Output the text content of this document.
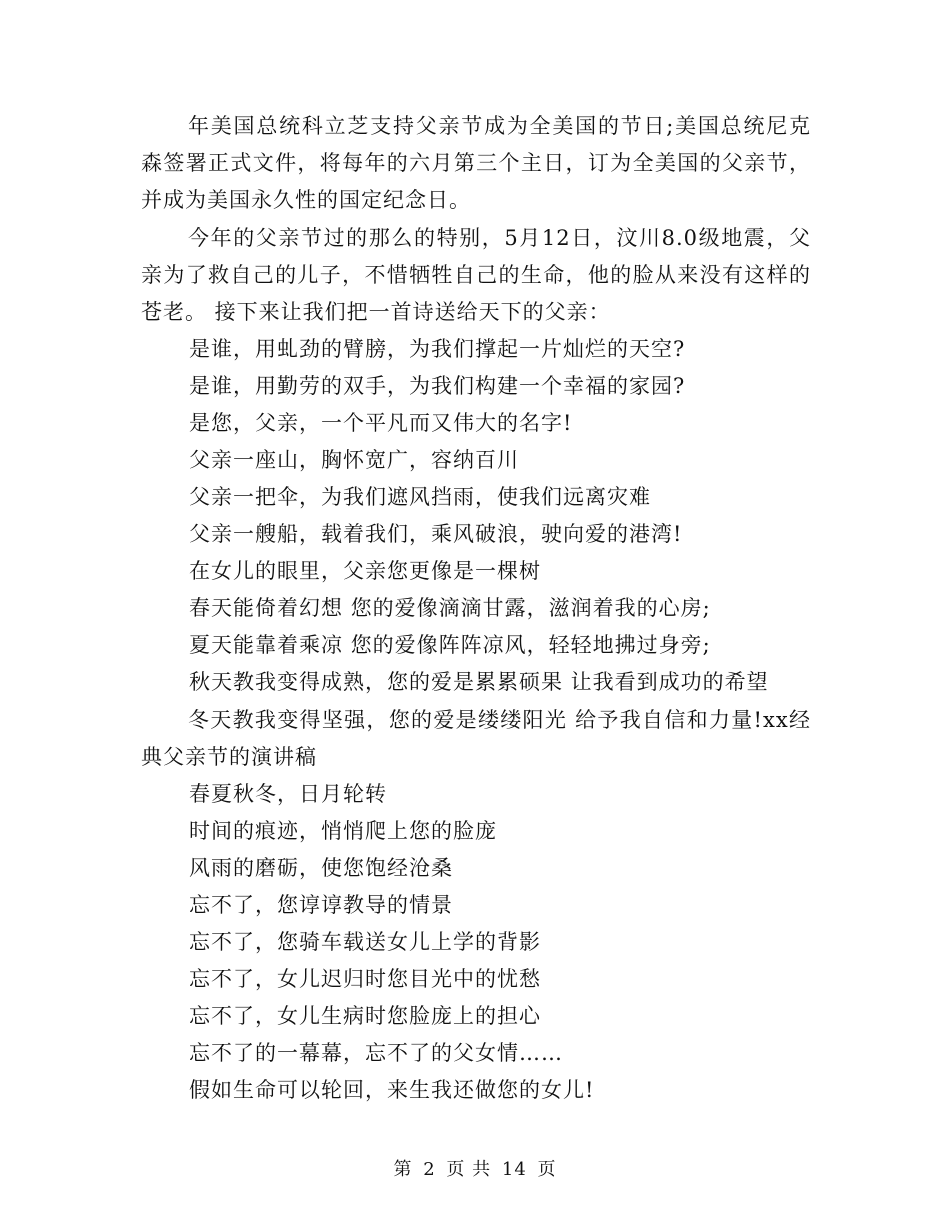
年美国总统科立芝支持父亲节成为全美国的节日;美国总统尼克森签署正式文件，将每年的六月第三个主日，订为全美国的父亲节，并成为美国永久性的国定纪念日。

今年的父亲节过的那么的特别，5月12日，汶川8.0级地震，父亲为了救自己的儿子，不惜牺牲自己的生命，他的脸从来没有这样的苍老。 接下来让我们把一首诗送给天下的父亲：

是谁，用虬劲的臂膀，为我们撑起一片灿烂的天空?

是谁，用勤劳的双手，为我们构建一个幸福的家园?

是您，父亲，一个平凡而又伟大的名字!

父亲一座山，胸怀宽广，容纳百川

父亲一把伞，为我们遮风挡雨，使我们远离灾难

父亲一艘船，载着我们，乘风破浪，驶向爱的港湾!

在女儿的眼里，父亲您更像是一棵树

春天能倚着幻想 您的爱像滴滴甘露，滋润着我的心房;

夏天能靠着乘凉 您的爱像阵阵凉风，轻轻地拂过身旁;

秋天教我变得成熟，您的爱是累累硕果 让我看到成功的希望

冬天教我变得坚强，您的爱是缕缕阳光 给予我自信和力量!xx经典父亲节的演讲稿

春夏秋冬，日月轮转

时间的痕迹，悄悄爬上您的脸庞

风雨的磨砺，使您饱经沧桑

忘不了，您谆谆教导的情景

忘不了，您骑车载送女儿上学的背影

忘不了，女儿迟归时您目光中的忧愁

忘不了，女儿生病时您脸庞上的担心

忘不了的一幕幕，忘不了的父女情……

假如生命可以轮回，来生我还做您的女儿!

第 2 页 共 14 页
